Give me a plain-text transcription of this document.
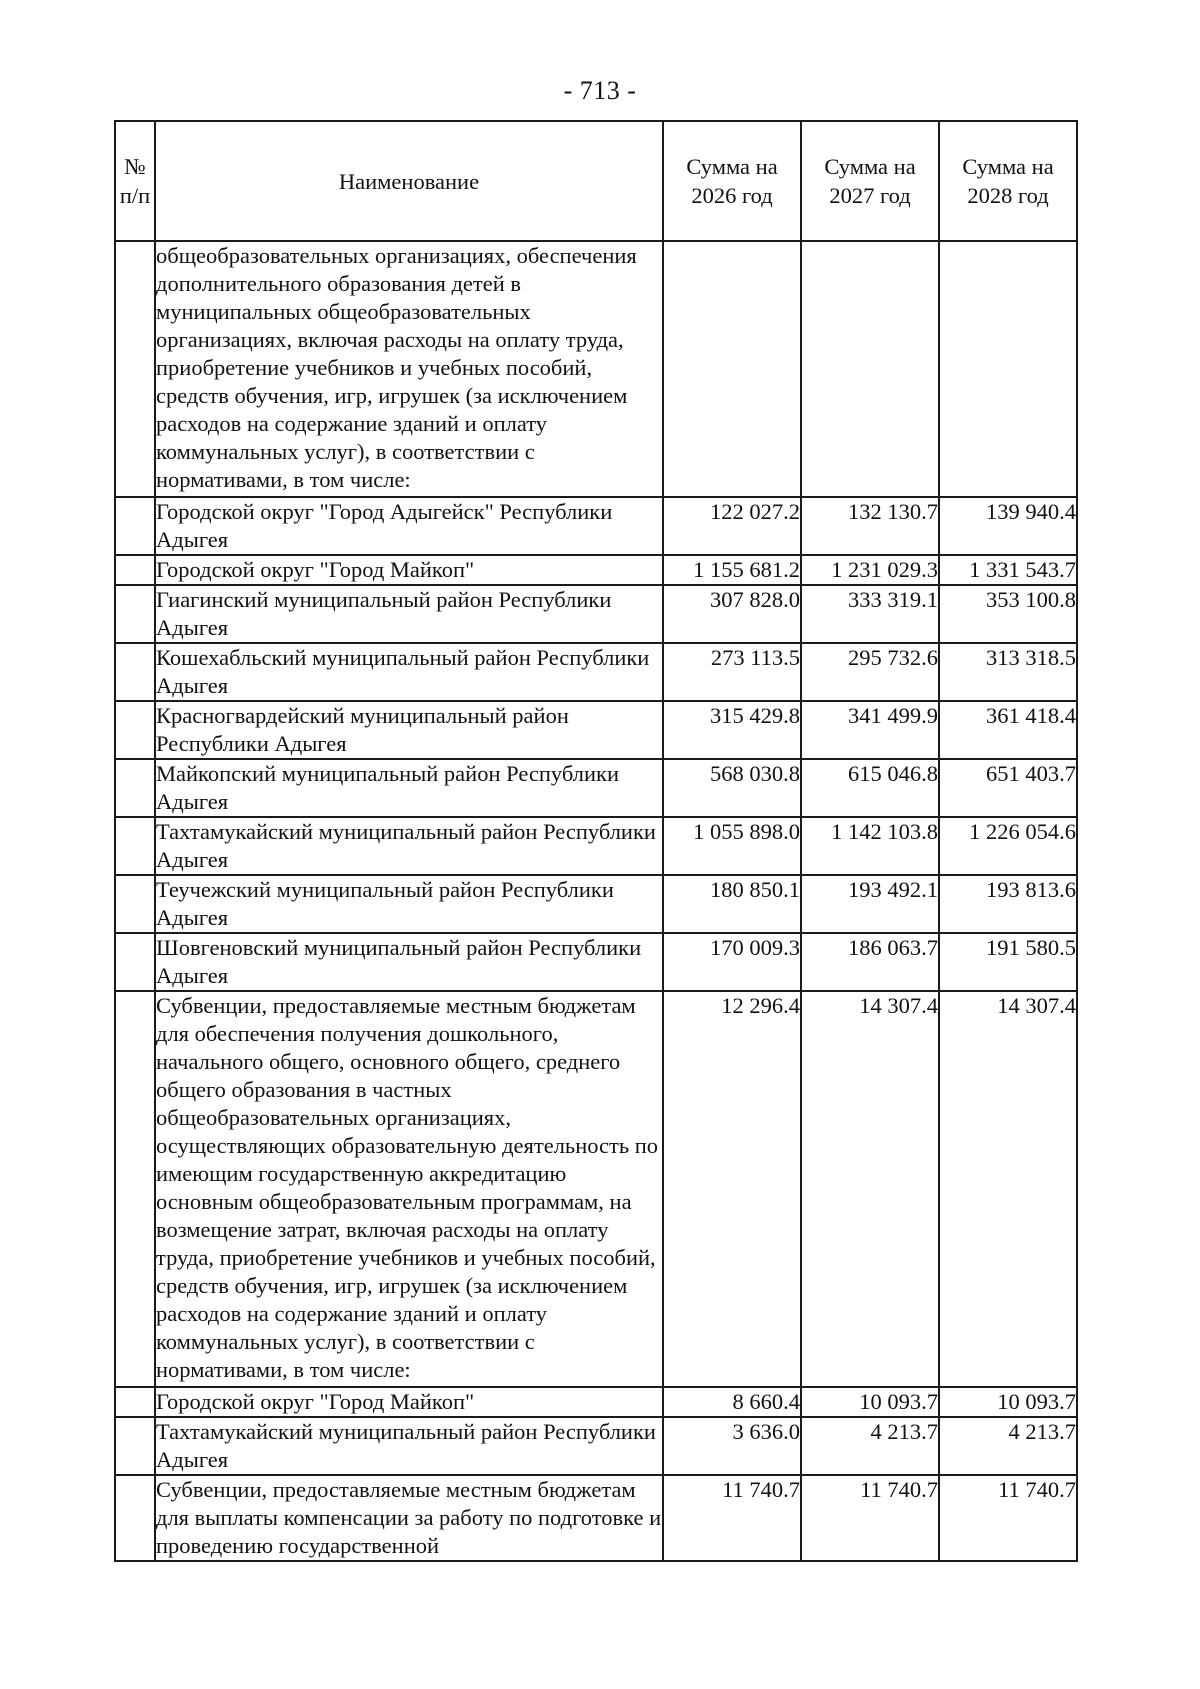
- 713 -
№ п/п	Наименование	Сумма на 2026 год	Сумма на 2027 год	Сумма на 2028 год
	общеобразовательных организациях, обеспечения дополнительного образования детей в муниципальных общеобразовательных организациях, включая расходы на оплату труда, приобретение учебников и учебных пособий, средств обучения, игр, игрушек (за исключением расходов на содержание зданий и оплату коммунальных услуг), в соответствии с нормативами, в том числе:			
	Городской округ "Город Адыгейск" Республики Адыгея	122 027.2	132 130.7	139 940.4
	Городской округ "Город Майкоп"	1 155 681.2	1 231 029.3	1 331 543.7
	Гиагинский муниципальный район Республики Адыгея	307 828.0	333 319.1	353 100.8
	Кошехабльский муниципальный район Республики Адыгея	273 113.5	295 732.6	313 318.5
	Красногвардейский муниципальный район Республики Адыгея	315 429.8	341 499.9	361 418.4
	Майкопский муниципальный район Республики Адыгея	568 030.8	615 046.8	651 403.7
	Тахтамукайский муниципальный район Республики Адыгея	1 055 898.0	1 142 103.8	1 226 054.6
	Теучежский муниципальный район Республики Адыгея	180 850.1	193 492.1	193 813.6
	Шовгеновский муниципальный район Республики Адыгея	170 009.3	186 063.7	191 580.5
	Субвенции, предоставляемые местным бюджетам для обеспечения получения дошкольного, начального общего, основного общего, среднего общего образования в частных общеобразовательных организациях, осуществляющих образовательную деятельность по имеющим государственную аккредитацию основным общеобразовательным программам, на возмещение затрат, включая расходы на оплату труда, приобретение учебников и учебных пособий, средств обучения, игр, игрушек (за исключением расходов на содержание зданий и оплату коммунальных услуг), в соответствии с нормативами, в том числе:	12 296.4	14 307.4	14 307.4
	Городской округ "Город Майкоп"	8 660.4	10 093.7	10 093.7
	Тахтамукайский муниципальный район Республики Адыгея	3 636.0	4 213.7	4 213.7
	Субвенции, предоставляемые местным бюджетам для выплаты компенсации за работу по подготовке и проведению государственной	11 740.7	11 740.7	11 740.7
